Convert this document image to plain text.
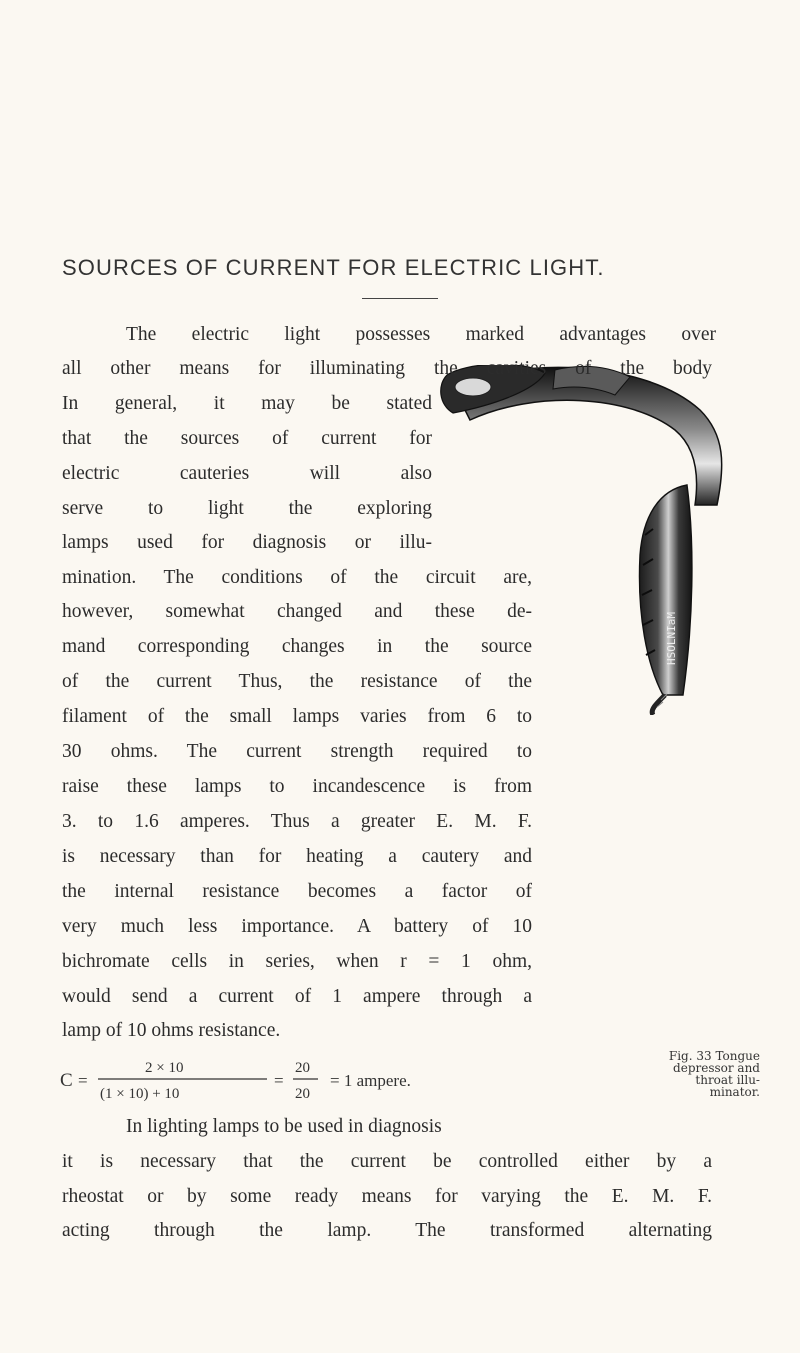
SOURCES OF CURRENT FOR ELECTRIC LIGHT.
HSOLNIaM
The electric light possesses marked advantages over
all other means for illuminating the cavities of the body
In general, it may be stated
that the sources of current for
electric cauteries will also
serve to light the exploring
lamps used for diagnosis or illu-
mination. The conditions of the circuit are,
however, somewhat changed and these de-
mand corresponding changes in the source
of the current Thus, the resistance of the
filament of the small lamps varies from 6 to
30 ohms. The current strength required to
raise these lamps to incandescence is from
3. to 1.6 amperes. Thus a greater E. M. F.
is necessary than for heating a cautery and
the internal resistance becomes a factor of
very much less importance. A battery of 10
bichromate cells in series, when r = 1 ohm,
would send a current of 1 ampere through a
lamp of 10 ohms resistance.
C =
2 × 10
(1 × 10) + 10
=
20
20
= 1 ampere.
Fig. 33 Tongue
depressor and
throat illu-
minator.
In lighting lamps to be used in diagnosis
it is necessary that the current be controlled either by a
rheostat or by some ready means for varying the E. M. F.
acting through the lamp. The transformed alternating
